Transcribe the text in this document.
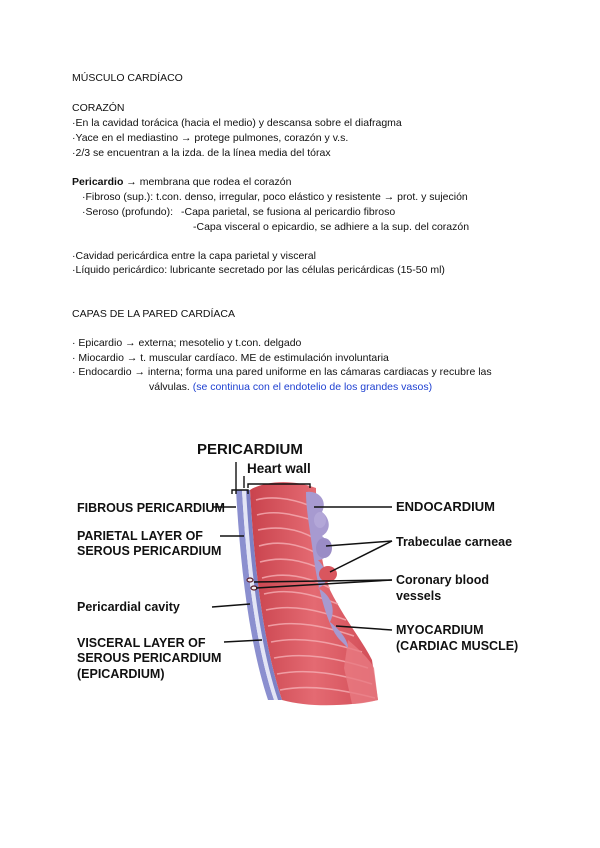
MÚSCULO CARDÍACO
CORAZÓN
·En la cavidad torácica (hacia el medio) y descansa sobre el diafragma
·Yace en el mediastino → protege pulmones, corazón y v.s.
·2/3 se encuentran a la izda. de la línea media del tórax
Pericardio → membrana que rodea el corazón
·Fibroso (sup.): t.con. denso, irregular, poco elástico y resistente → prot. y sujeción
·Seroso (profundo): -Capa parietal, se fusiona al pericardio fibroso
-Capa visceral o epicardio, se adhiere a la sup. del corazón
·Cavidad pericárdica entre la capa parietal y visceral
·Líquido pericárdico: lubricante secretado por las células pericárdicas (15-50 ml)
CAPAS DE LA PARED CARDÍACA
· Epicardio → externa; mesotelio y t.con. delgado
· Miocardio → t. muscular cardíaco. ME de estimulación involuntaria
· Endocardio → interna; forma una pared uniforme en las cámaras cardiacas y recubre las
válvulas. (se continua con el endotelio de los grandes vasos)
PERICARDIUM
Heart wall
FIBROUS PERICARDIUM
PARIETAL LAYER OF
SEROUS PERICARDIUM
Pericardial cavity
VISCERAL LAYER OF
SEROUS PERICARDIUM
(EPICARDIUM)
ENDOCARDIUM
Trabeculae carneae
Coronary blood
vessels
MYOCARDIUM
(CARDIAC MUSCLE)
